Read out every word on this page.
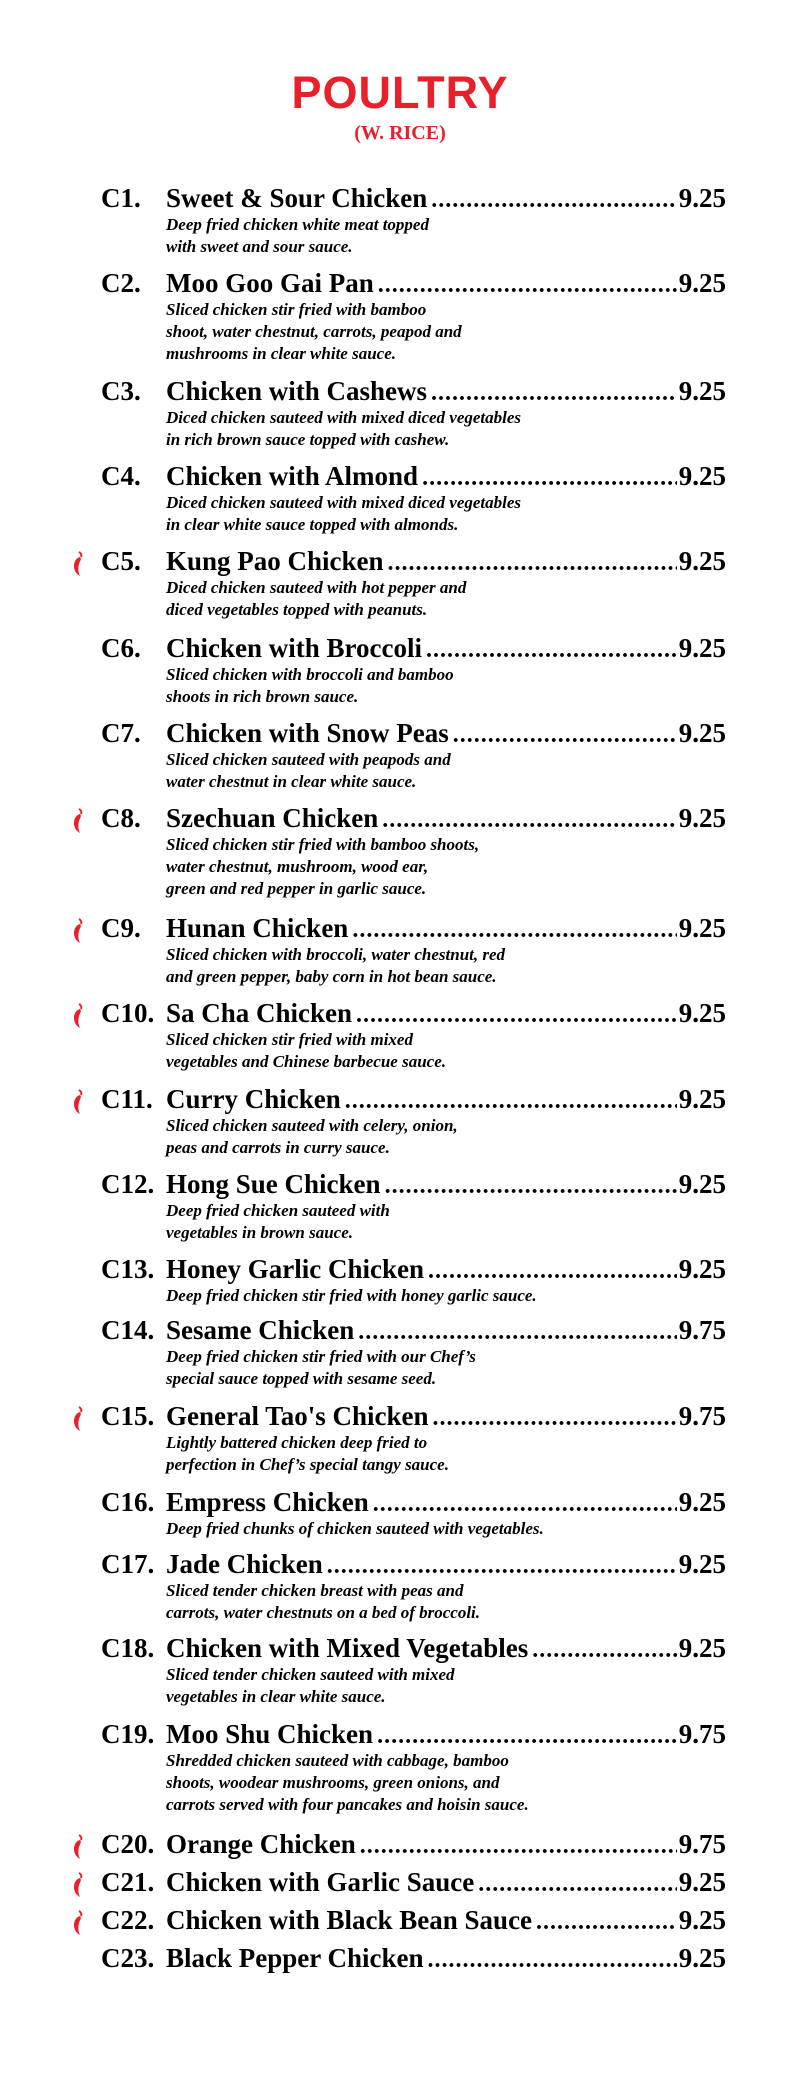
POULTRY
(W. RICE)
C1. Sweet & Sour Chicken .....	9.25
Deep fried chicken white meat topped
with sweet and sour sauce.
C2. Moo Goo Gai Pan .....	9.25
Sliced chicken stir fried with bamboo
shoot, water chestnut, carrots, peapod and
mushrooms in clear white sauce.
C3. Chicken with Cashews .....	9.25
Diced chicken sauteed with mixed diced vegetables
in rich brown sauce topped with cashew.
C4. Chicken with Almond .....	9.25
Diced chicken sauteed with mixed diced vegetables
in clear white sauce topped with almonds.
C5. Kung Pao Chicken .....	9.25
Diced chicken sauteed with hot pepper and
diced vegetables topped with peanuts.
C6. Chicken with Broccoli .....	9.25
Sliced chicken with broccoli and bamboo
shoots in rich brown sauce.
C7. Chicken with Snow Peas .....	9.25
Sliced chicken sauteed with peapods and
water chestnut in clear white sauce.
C8. Szechuan Chicken .....	9.25
Sliced chicken stir fried with bamboo shoots,
water chestnut, mushroom, wood ear,
green and red pepper in garlic sauce.
C9. Hunan Chicken .....	9.25
Sliced chicken with broccoli, water chestnut, red
and green pepper, baby corn in hot bean sauce.
C10. Sa Cha Chicken .....	9.25
Sliced chicken stir fried with mixed
vegetables and Chinese barbecue sauce.
C11. Curry Chicken .....	9.25
Sliced chicken sauteed with celery, onion,
peas and carrots in curry sauce.
C12. Hong Sue Chicken .....	9.25
Deep fried chicken sauteed with
vegetables in brown sauce.
C13. Honey Garlic Chicken .....	9.25
Deep fried chicken stir fried with honey garlic sauce.
C14. Sesame Chicken .....	9.75
Deep fried chicken stir fried with our Chef’s
special sauce topped with sesame seed.
C15. General Tao's Chicken .....	9.75
Lightly battered chicken deep fried to
perfection in Chef’s special tangy sauce.
C16. Empress Chicken .....	9.25
Deep fried chunks of chicken sauteed with vegetables.
C17. Jade Chicken .....	9.25
Sliced tender chicken breast with peas and
carrots, water chestnuts on a bed of broccoli.
C18. Chicken with Mixed Vegetables .....	9.25
Sliced tender chicken sauteed with mixed
vegetables in clear white sauce.
C19. Moo Shu Chicken .....	9.75
Shredded chicken sauteed with cabbage, bamboo
shoots, woodear mushrooms, green onions, and
carrots served with four pancakes and hoisin sauce.
C20. Orange Chicken .....	9.75
C21. Chicken with Garlic Sauce .....	9.25
C22. Chicken with Black Bean Sauce .....	9.25
C23. Black Pepper Chicken .....	9.25
